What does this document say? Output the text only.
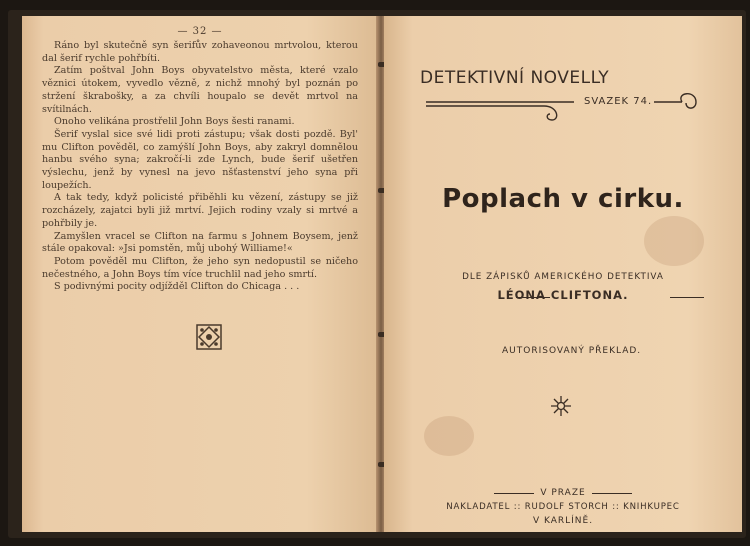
— 32 —

Ráno byl skutečně syn šerifův zohaveonou mrtvolou, kterou dal šerif rychle pohřbíti.

Zatím poštval John Boys obyvatelstvo města, které vzalo věznici útokem, vyvedlo vězně, z nichž mnohý byl poznán po stržení škrabošky, a za chvíli houpalo se devět mrtvol na svítilnách.

Onoho velikána prostřelil John Boys šesti ranami.

Šerif vyslal sice své lidi proti zástupu; však dosti pozdě. Byl' mu Clifton pověděl, co zamýšlí John Boys, aby zakryl domnělou hanbu svého syna; zakročí-li zde Lynch, bude šerif ušetřen výslechu, jenž by vynesl na jevo nšťastenství jeho syna při loupežích.

A tak tedy, když policisté přiběhli ku vězení, zástupy se již rozcházely, zajatci byli již mrtví. Jejich rodiny vzaly si mrtvé a pohřbily je.

Zamyšlen vracel se Clifton na farmu s Johnem Boysem, jenž stále opakoval: »Jsi pomstěn, můj ubohý Williame!«

Potom pověděl mu Clifton, že jeho syn nedopustil se ničeho nečestného, a John Boys tím více truchlil nad jeho smrtí.

S podivnými pocity odjížděl Clifton do Chicaga . . .

DETEKTIVNÍ NOVELLY
SVAZEK 74.
Poplach v cirku.
DLE ZÁPISKŮ AMERICKÉHO DETEKTIVA
LÉONA CLIFTONA.
AUTORISOVANÝ PŘEKLAD.
V PRAZE
NAKLADATEL :: RUDOLF STORCH :: KNIHKUPEC
V KARLÍNĚ.
